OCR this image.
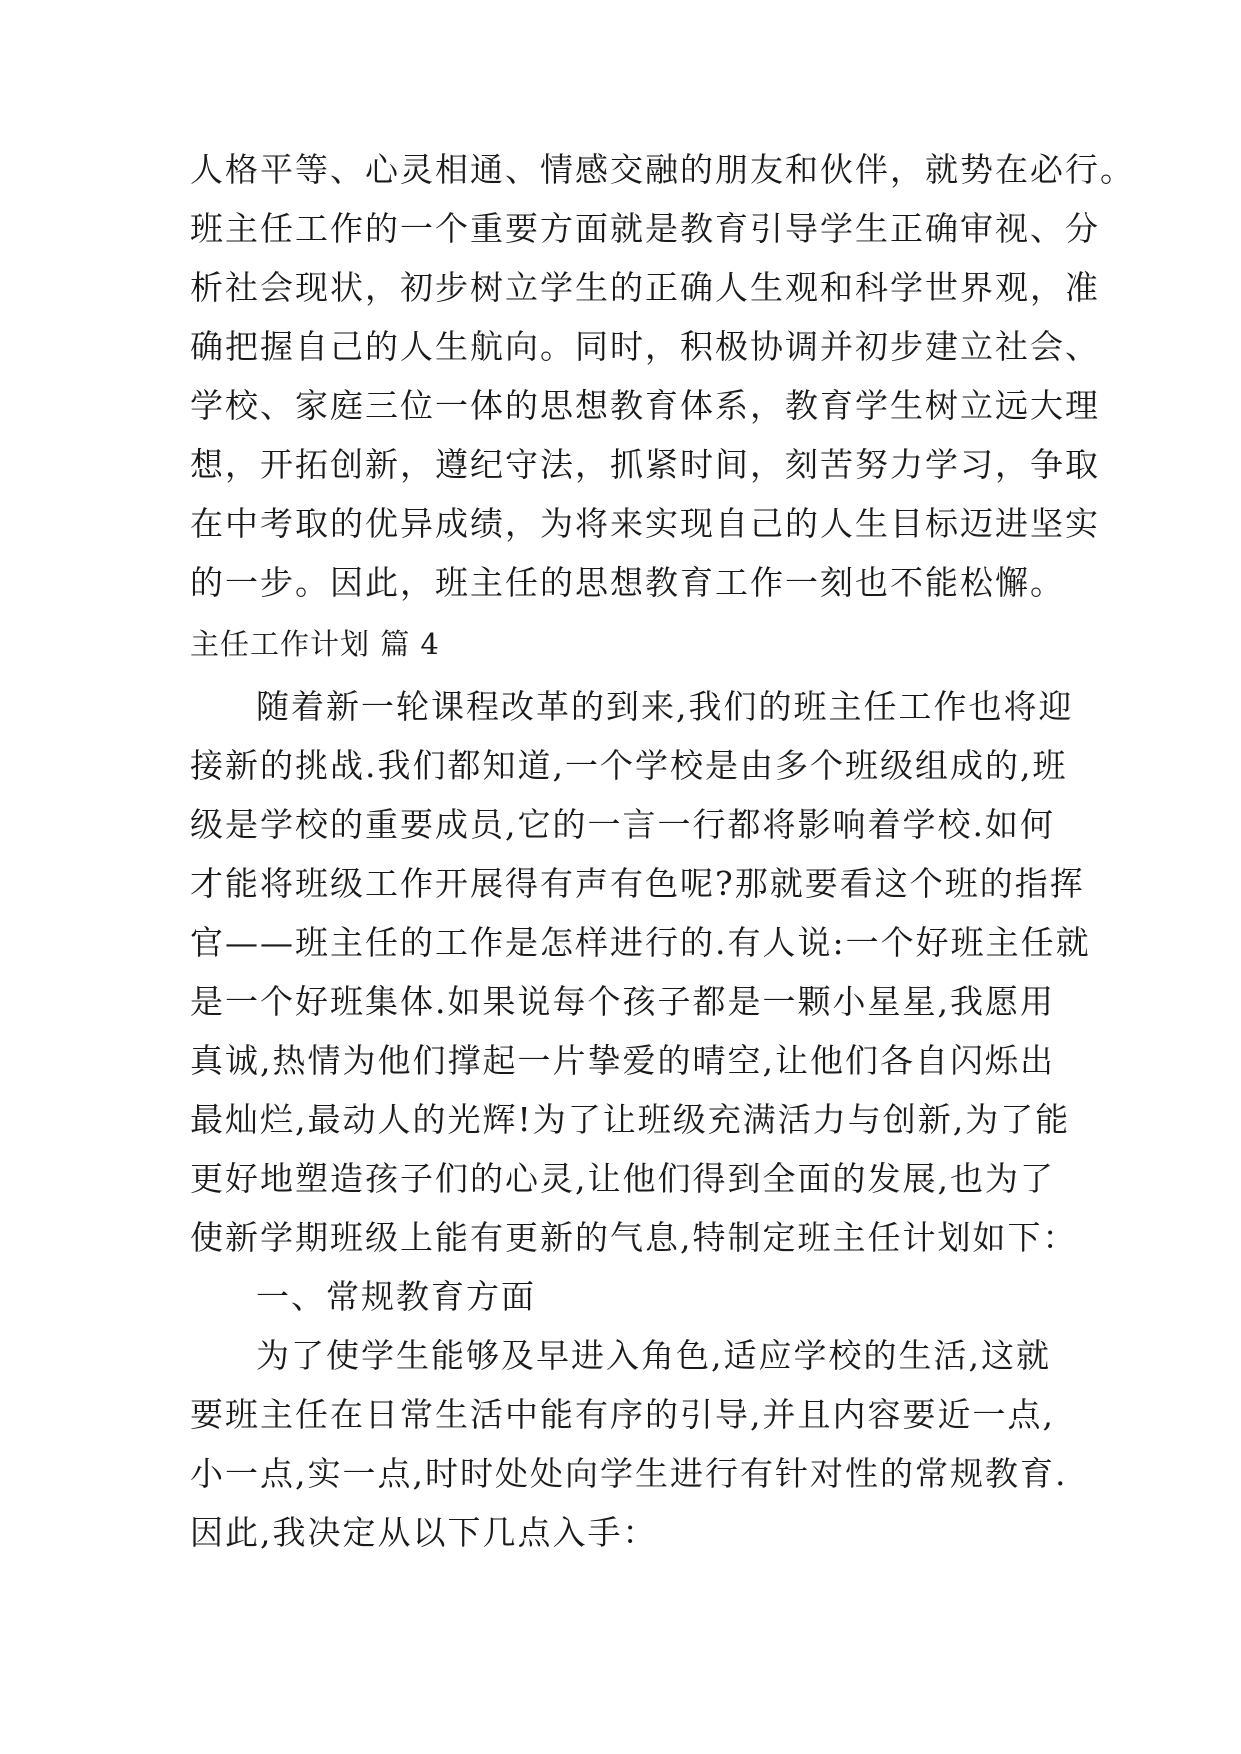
人格平等、心灵相通、情感交融的朋友和伙伴，就势在必行。
班主任工作的一个重要方面就是教育引导学生正确审视、分
析社会现状，初步树立学生的正确人生观和科学世界观，准
确把握自己的人生航向。同时，积极协调并初步建立社会、
学校、家庭三位一体的思想教育体系，教育学生树立远大理
想，开拓创新，遵纪守法，抓紧时间，刻苦努力学习，争取
在中考取的优异成绩，为将来实现自己的人生目标迈进坚实
的一步。因此，班主任的思想教育工作一刻也不能松懈。
主任工作计划 篇 4
随着新一轮课程改革的到来,我们的班主任工作也将迎
接新的挑战.我们都知道,一个学校是由多个班级组成的,班
级是学校的重要成员,它的一言一行都将影响着学校.如何
才能将班级工作开展得有声有色呢?那就要看这个班的指挥
官——班主任的工作是怎样进行的.有人说:一个好班主任就
是一个好班集体.如果说每个孩子都是一颗小星星,我愿用
真诚,热情为他们撑起一片挚爱的晴空,让他们各自闪烁出
最灿烂,最动人的光辉!为了让班级充满活力与创新,为了能
更好地塑造孩子们的心灵,让他们得到全面的发展,也为了
使新学期班级上能有更新的气息,特制定班主任计划如下：
一、常规教育方面
为了使学生能够及早进入角色,适应学校的生活,这就
要班主任在日常生活中能有序的引导,并且内容要近一点,
小一点,实一点,时时处处向学生进行有针对性的常规教育.
因此,我决定从以下几点入手：
